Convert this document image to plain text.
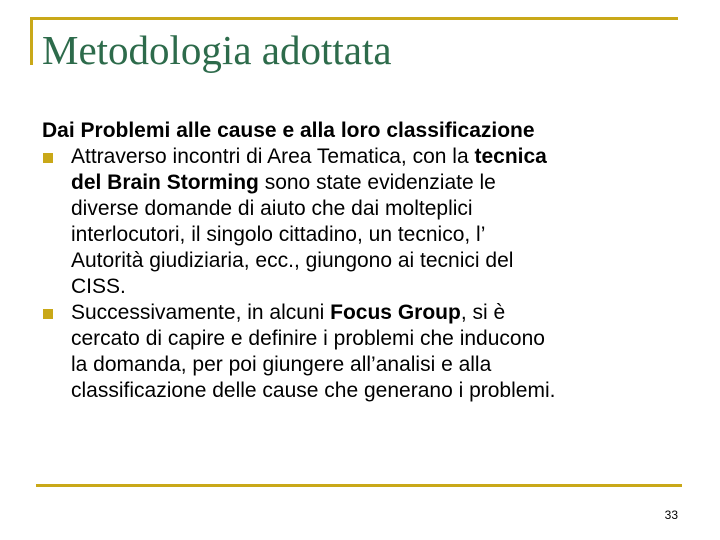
Metodologia adottata
Dai Problemi alle cause e alla loro classificazione
Attraverso incontri di Area Tematica, con la tecnica
del Brain Storming sono state evidenziate le
diverse domande di aiuto che dai molteplici
interlocutori, il singolo cittadino, un tecnico, l’
Autorità giudiziaria, ecc., giungono ai tecnici del
CISS.
Successivamente, in alcuni Focus Group, si è
cercato di capire e definire i problemi che inducono
la domanda, per poi giungere all’analisi e alla
classificazione delle cause che generano i problemi.
33
